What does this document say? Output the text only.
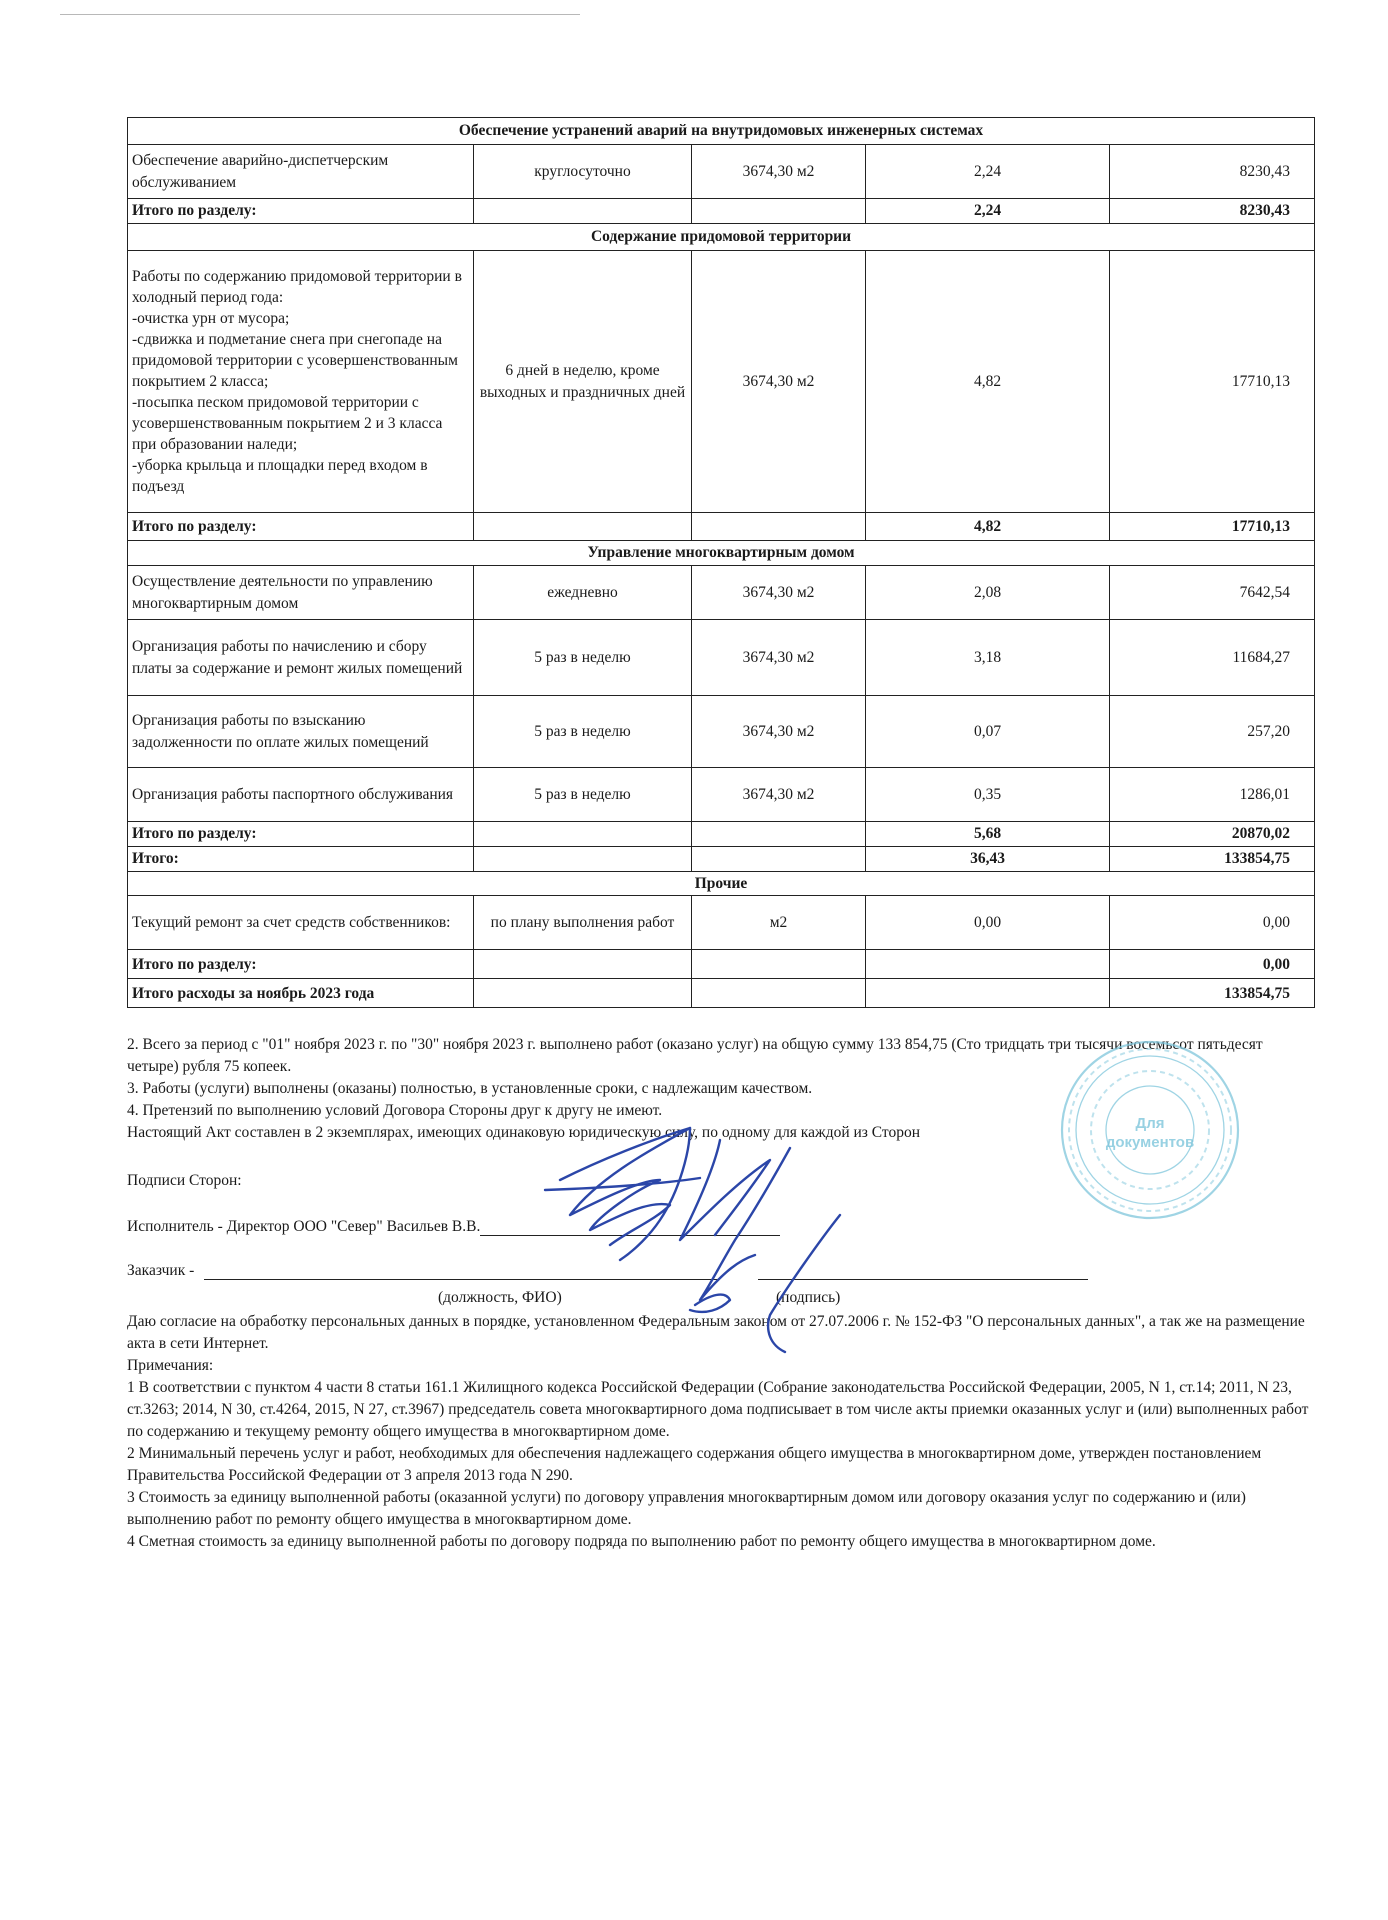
Обеспечение устранений аварий на внутридомовых инженерных системах				
Обеспечение аварийно-диспетчерским обслуживанием	круглосуточно	3674,30 м2	2,24	8230,43
Итого по разделу:			2,24	8230,43
Содержание придомовой территории				
Работы по содержанию придомовой территории в холодный период года:
-очистка урн от мусора;
-сдвижка и подметание снега при снегопаде на придомовой территории с усовершенствованным покрытием 2 класса;
-посыпка песком придомовой территории с усовершенствованным покрытием 2 и 3 класса при образовании наледи;
-уборка крыльца и площадки перед входом в подъезд	6 дней в неделю, кроме выходных и праздничных дней	3674,30 м2	4,82	17710,13
Итого по разделу:			4,82	17710,13
Управление многоквартирным домом				
Осуществление деятельности по управлению многоквартирным домом	ежедневно	3674,30 м2	2,08	7642,54
Организация работы по начислению и сбору платы за содержание и ремонт жилых помещений	5 раз в неделю	3674,30 м2	3,18	11684,27
Организация работы по взысканию задолженности по оплате жилых помещений	5 раз в неделю	3674,30 м2	0,07	257,20
Организация работы паспортного обслуживания	5 раз в неделю	3674,30 м2	0,35	1286,01
Итого по разделу:			5,68	20870,02
Итого:			36,43	133854,75
Прочие				
Текущий ремонт за счет средств собственников:	по плану выполнения работ	м2	0,00	0,00
Итого по разделу:				0,00
Итого расходы за ноябрь 2023 года				133854,75

2. Всего за период с "01" ноября 2023 г. по "30" ноября 2023 г. выполнено работ (оказано услуг) на общую сумму 133 854,75 (Сто тридцать три тысячи восемьсот пятьдесят четыре) рубля 75 копеек.

3. Работы (услуги) выполнены (оказаны) полностью, в установленные сроки, с надлежащим качеством.

4. Претензий по выполнению условий Договора Стороны друг к другу не имеют.

Настоящий Акт составлен в 2 экземплярах, имеющих одинаковую юридическую силу, по одному для каждой из Сторон

Подписи Сторон:
Исполнитель - Директор ООО "Север" Васильев В.В.
Заказчик -
(должность, ФИО)	(подпись)

Даю согласие на обработку персональных данных в порядке, установленном Федеральным законом от 27.07.2006 г. № 152-ФЗ "О персональных данных", а так же на размещение акта в сети Интернет.

Примечания:

1 В соответствии с пунктом 4 части 8 статьи 161.1 Жилищного кодекса Российской Федерации (Собрание законодательства Российской Федерации, 2005, N 1, ст.14; 2011, N 23, ст.3263; 2014, N 30, ст.4264, 2015, N 27, ст.3967) председатель совета многоквартирного дома подписывает в том числе акты приемки оказанных услуг и (или) выполненных работ по содержанию и текущему ремонту общего имущества в многоквартирном доме.

2 Минимальный перечень услуг и работ, необходимых для обеспечения надлежащего содержания общего имущества в многоквартирном доме, утвержден постановлением Правительства Российской Федерации от 3 апреля 2013 года N 290.

3 Стоимость за единицу выполненной работы (оказанной услуги) по договору управления многоквартирным домом или договору оказания услуг по содержанию и (или) выполнению работ по ремонту общего имущества в многоквартирном доме.

4 Сметная стоимость за единицу выполненной работы по договору подряда по выполнению работ по ремонту общего имущества в многоквартирном доме.

Для
документов
